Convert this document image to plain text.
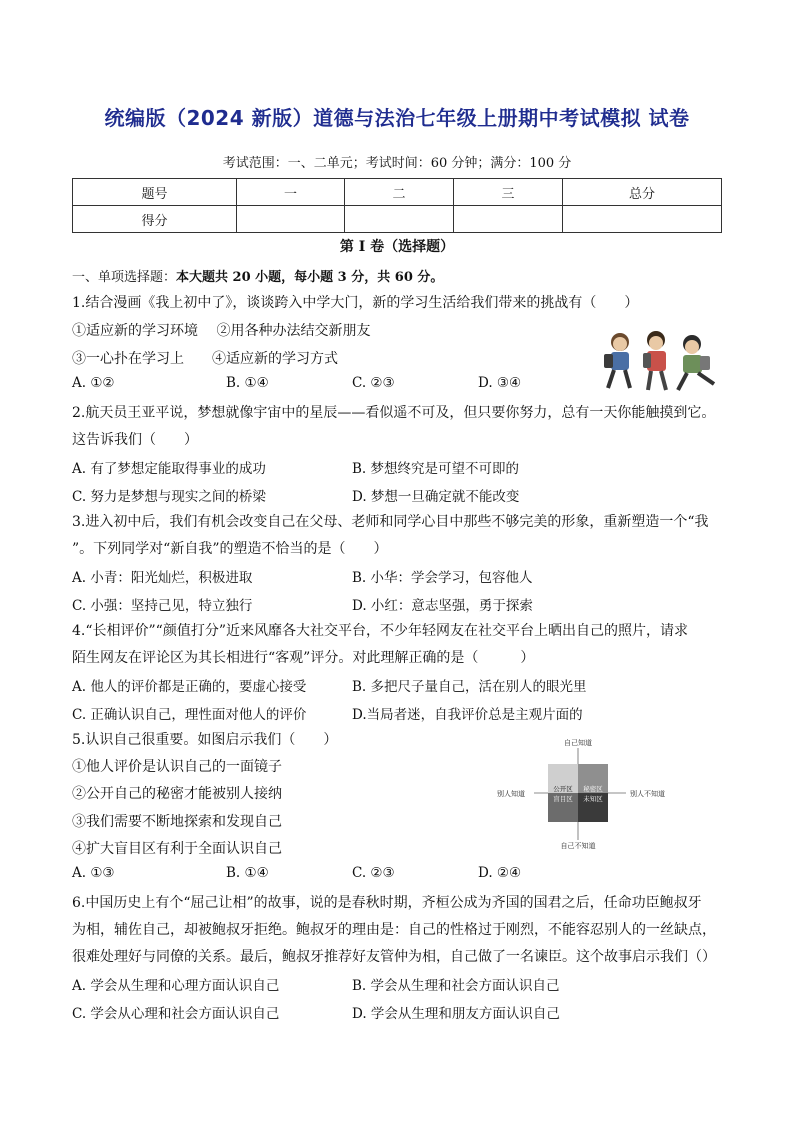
统编版（2024 新版）道德与法治七年级上册期中考试模拟 试卷
考试范围：一、二单元；考试时间：60 分钟；满分：100 分
题号	一	二	三	总分
得分				
第 I 卷（选择题）
一、单项选择题：本大题共 20 小题，每小题 3 分，共 60 分。
1.结合漫画《我上初中了》，谈谈跨入中学大门，新的学习生活给我们带来的挑战有（　　）
①适应新的学习环境　 ②用各种办法结交新朋友
③一心扑在学习上　　④适应新的学习方式
A. ①②	B. ①④	C. ②③	D. ③④
2.航天员王亚平说，梦想就像宇宙中的星辰——看似遥不可及，但只要你努力，总有一天你能触摸到它。
这告诉我们（　　）
A. 有了梦想定能取得事业的成功	B. 梦想终究是可望不可即的
C. 努力是梦想与现实之间的桥梁	D. 梦想一旦确定就不能改变
3.进入初中后，我们有机会改变自己在父母、老师和同学心目中那些不够完美的形象，重新塑造一个“我
”。下列同学对“新自我”的塑造不恰当的是（　　）
A. 小青：阳光灿烂，积极进取	B. 小华：学会学习，包容他人
C. 小强：坚持己见，特立独行	D. 小红：意志坚强，勇于探索
4.“长相评价”“颜值打分”近来风靡各大社交平台，不少年轻网友在社交平台上晒出自己的照片，请求
陌生网友在评论区为其长相进行“客观”评分。对此理解正确的是（　　　）
A. 他人的评价都是正确的，要虚心接受	B. 多把尺子量自己，活在别人的眼光里
C. 正确认识自己，理性面对他人的评价	D.当局者迷，自我评价总是主观片面的
5.认识自己很重要。如图启示我们（　　）
①他人评价是认识自己的一面镜子
②公开自己的秘密才能被别人接纳
③我们需要不断地探索和发现自己
④扩大盲目区有利于全面认识自己
A. ①③	B. ①④	C. ②③	D. ②④
自己知道
自己不知道
别人知道	别人不知道
公开区 秘密区
盲目区 未知区
6.中国历史上有个“屈己让相”的故事，说的是春秋时期，齐桓公成为齐国的国君之后，任命功臣鲍叔牙
为相，辅佐自己，却被鲍叔牙拒绝。鲍叔牙的理由是：自己的性格过于刚烈，不能容忍别人的一丝缺点，
很难处理好与同僚的关系。最后，鲍叔牙推荐好友管仲为相，自己做了一名谏臣。这个故事启示我们（）
A. 学会从生理和心理方面认识自己	B. 学会从生理和社会方面认识自己
C. 学会从心理和社会方面认识自己	D. 学会从生理和朋友方面认识自己
